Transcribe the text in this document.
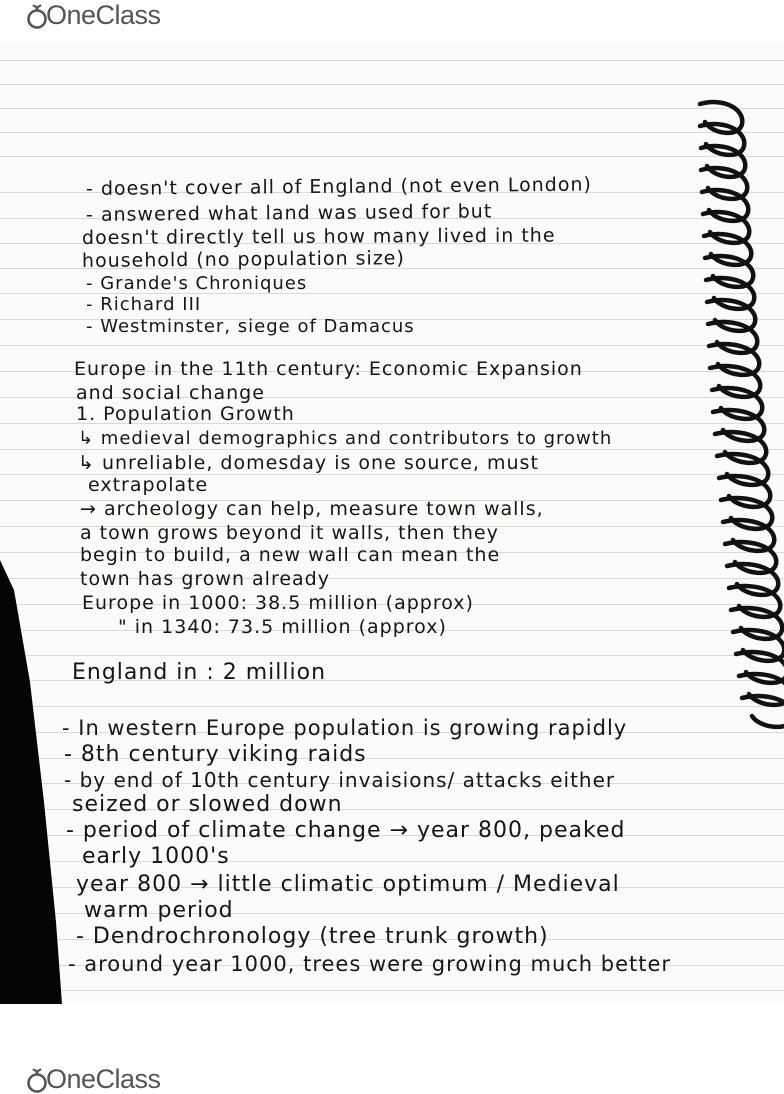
OneClass
- doesn't cover all of England (not even London)
- answered what land was used for but
doesn't directly tell us how many lived in the
household (no population size)
- Grande's Chroniques
- Richard III
- Westminster, siege of Damacus
Europe in the 11th century: Economic Expansion
and social change
1. Population Growth
↳ medieval demographics and contributors to growth
↳ unreliable, domesday is one source, must
extrapolate
→ archeology can help, measure town walls,
a town grows beyond it walls, then they
begin to build, a new wall can mean the
town has grown already
Europe in 1000: 38.5 million (approx)
" in 1340: 73.5 million (approx)
England in : 2 million
- In western Europe population is growing rapidly
- 8th century viking raids
- by end of 10th century invaisions/ attacks either
seized or slowed down
- period of climate change → year 800, peaked
early 1000's
year 800 → little climatic optimum / Medieval
warm period
- Dendrochronology (tree trunk growth)
- around year 1000, trees were growing much better
OneClass
